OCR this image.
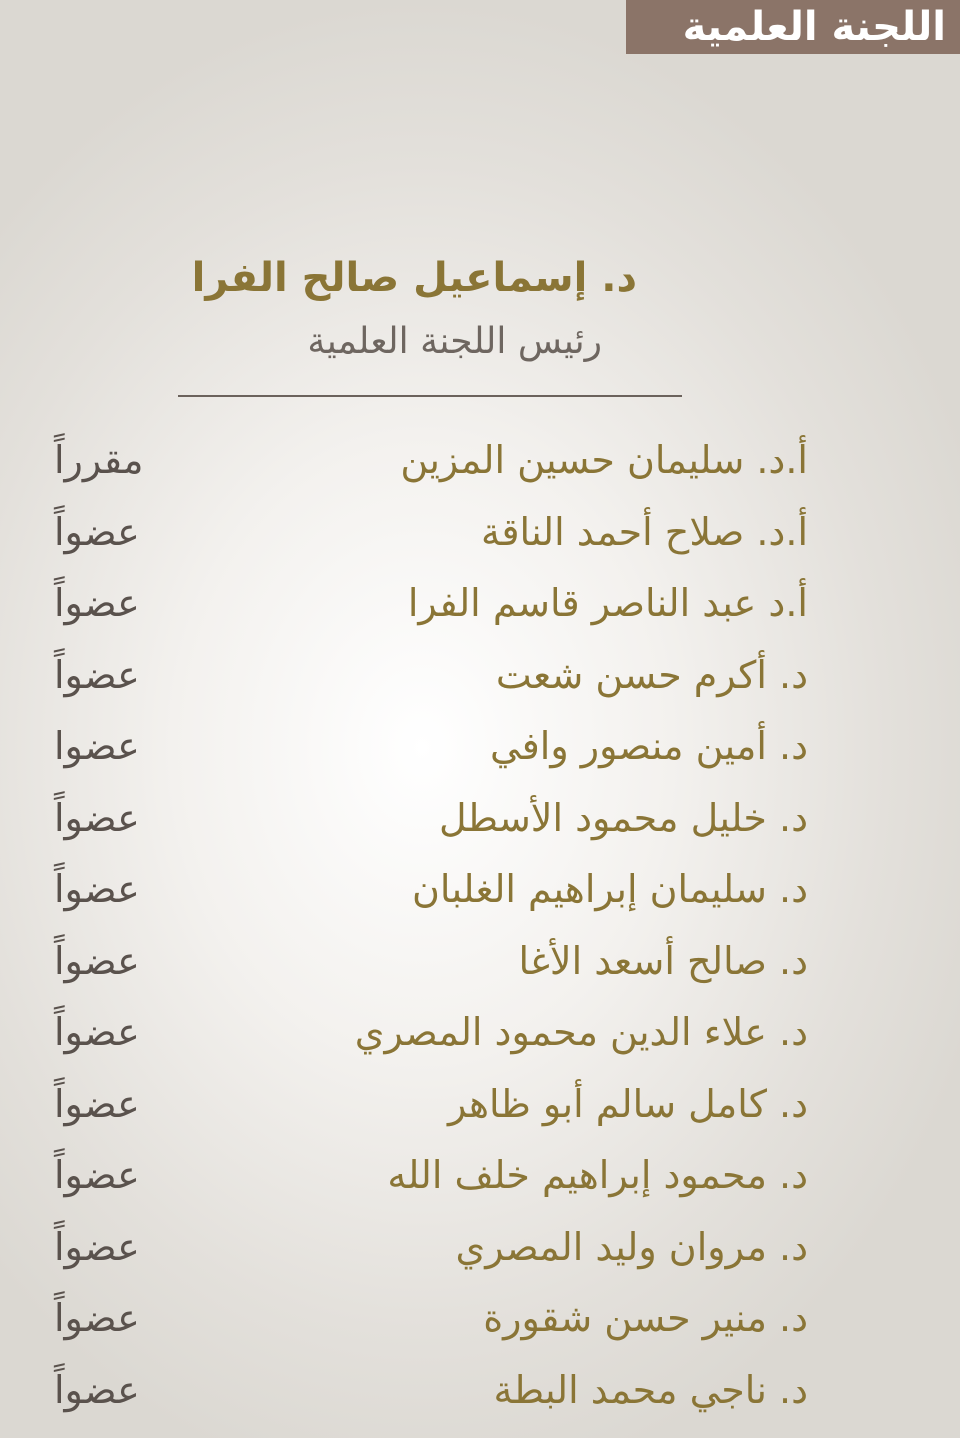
اللجنة العلمية
د. إسماعيل صالح الفرا
رئيس اللجنة العلمية
أ.د. سليمان حسين المزين
مقرراً
أ.د. صلاح أحمد الناقة
عضواً
أ.د عبد الناصر قاسم الفرا
عضواً
د. أكرم حسن شعت
عضواً
د. أمين منصور وافي
عضوا
د. خليل محمود الأسطل
عضواً
د. سليمان إبراهيم الغلبان
عضواً
د. صالح أسعد الأغا
عضواً
د. علاء الدين محمود المصري
عضواً
د. كامل سالم أبو ظاهر
عضواً
د. محمود إبراهيم خلف الله
عضواً
د. مروان وليد المصري
عضواً
د. منير حسن شقورة
عضواً
د. ناجي محمد البطة
عضواً
